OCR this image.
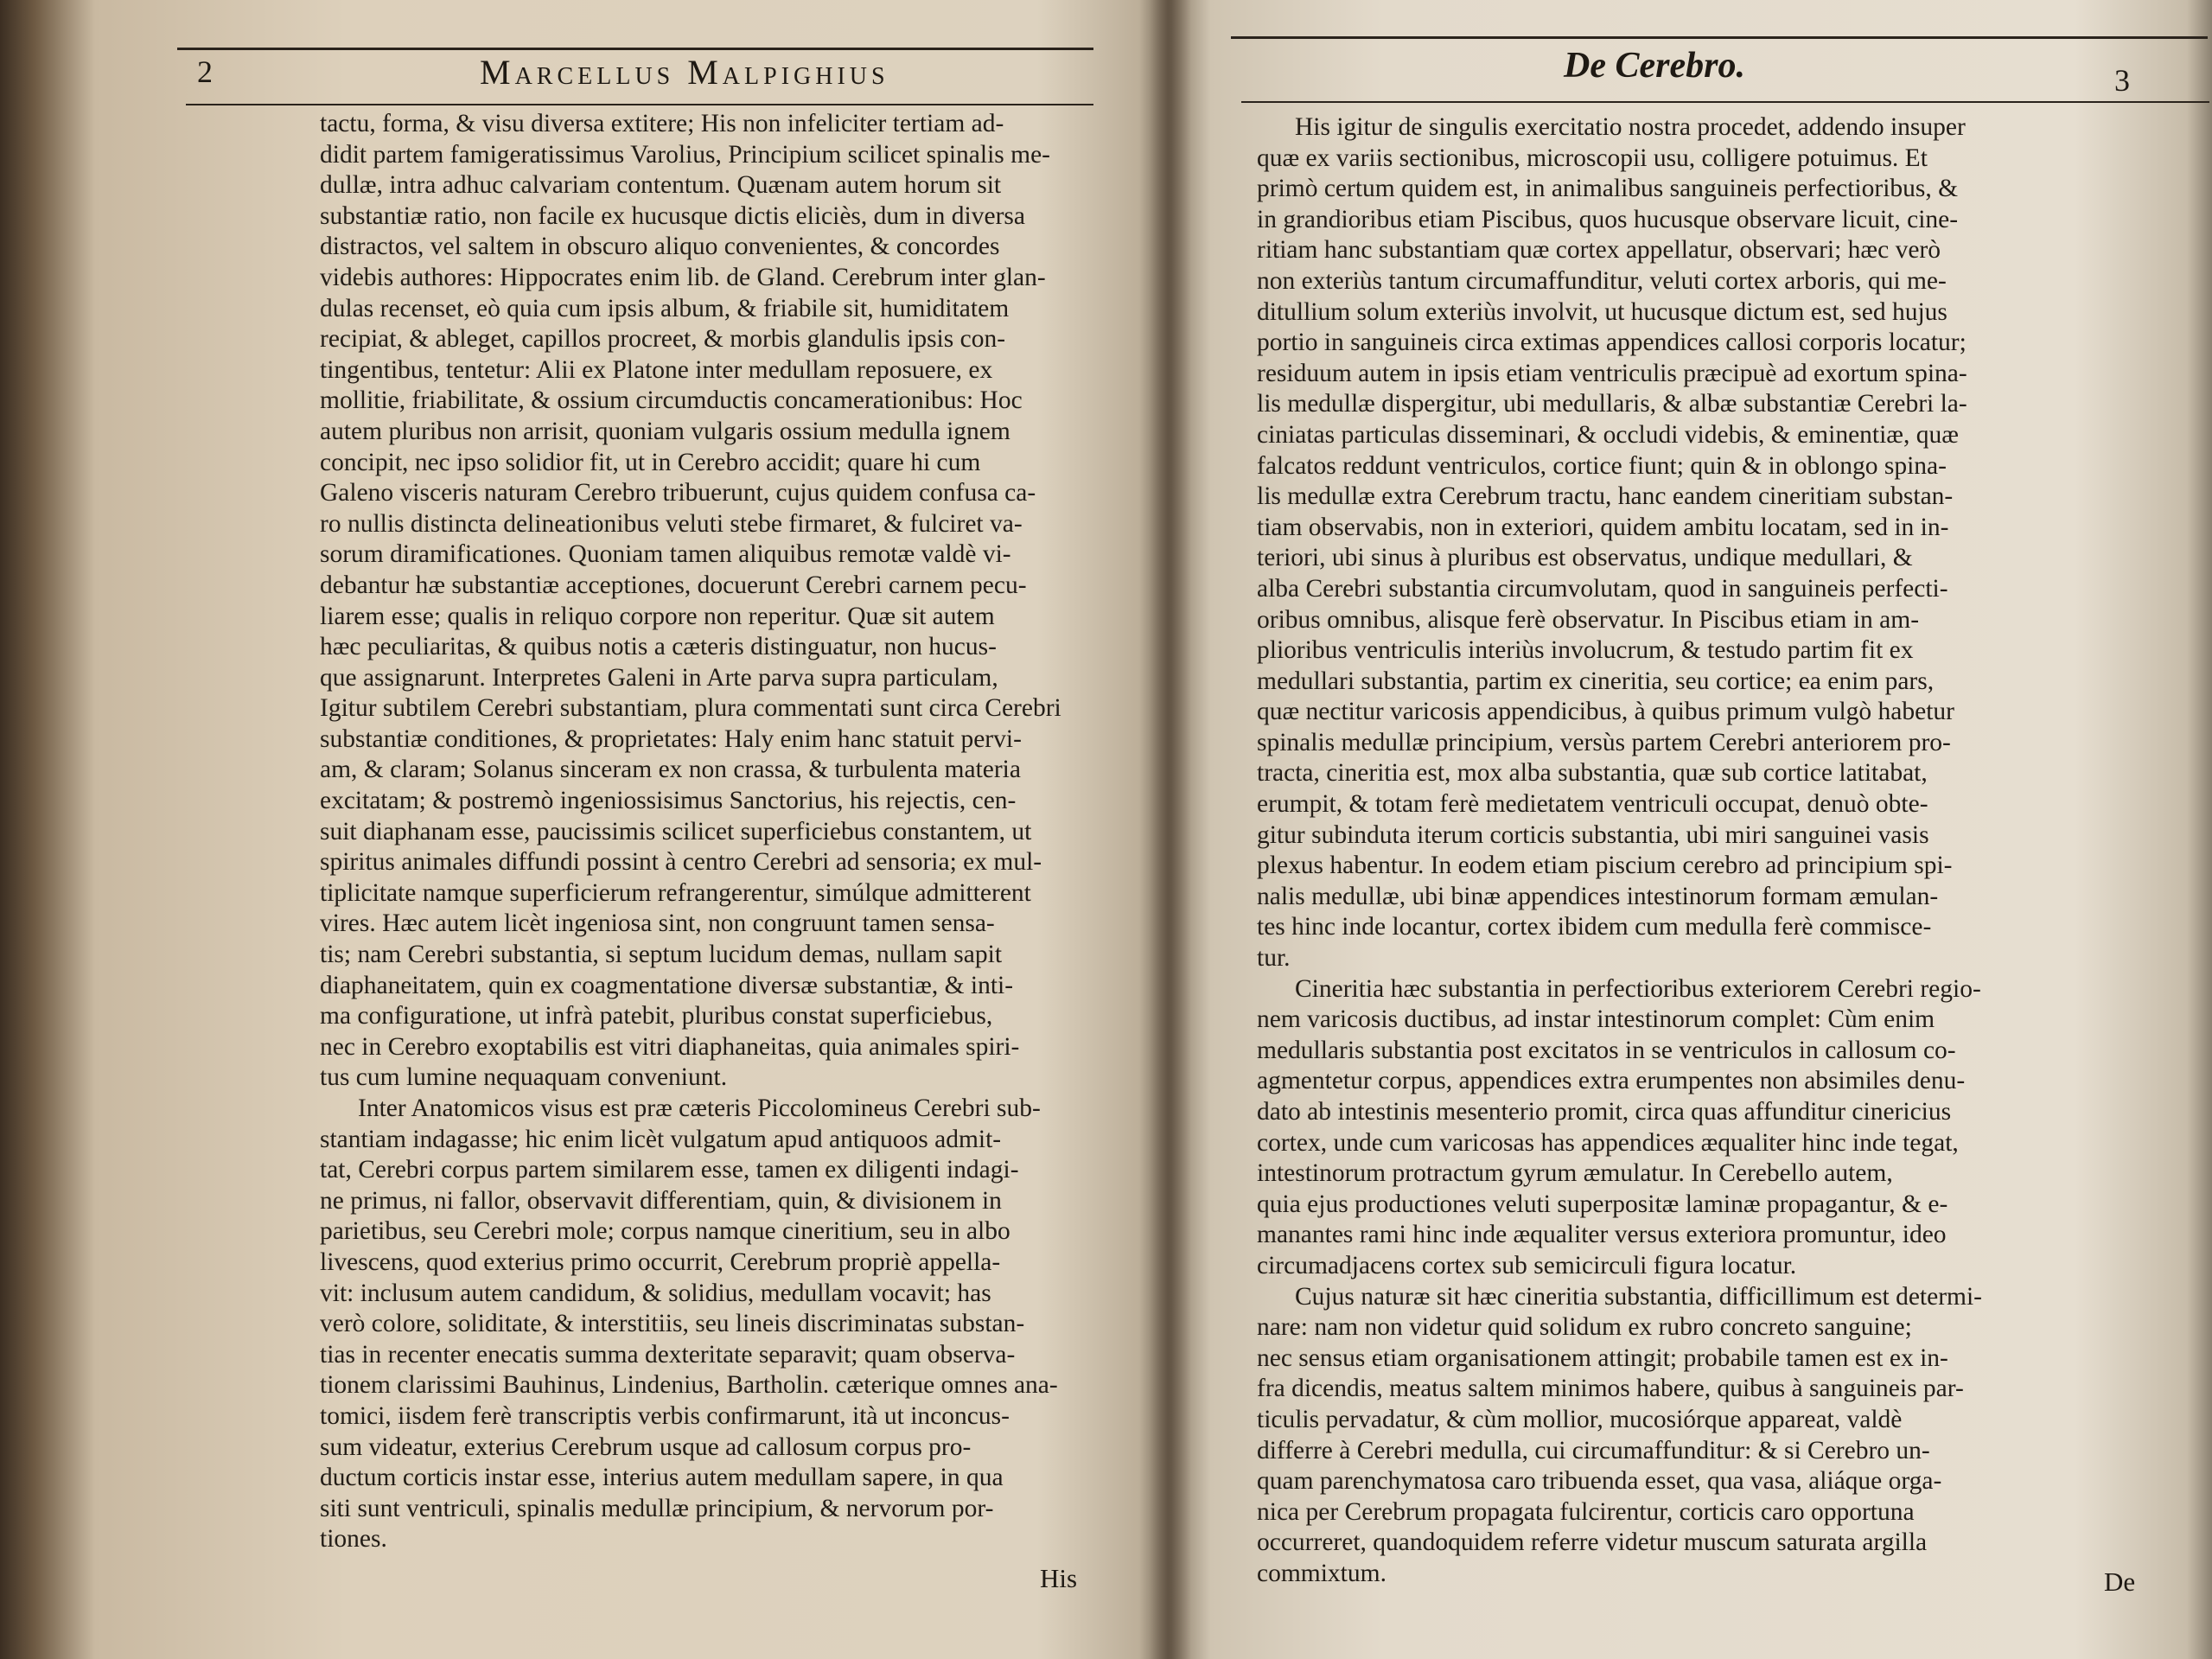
2	Marcellus Malpighius
tactu, forma, & visu diversa extitere; His non infeliciter tertiam ad-
didit partem famigeratissimus Varolius, Principium scilicet spinalis me-
dullæ, intra adhuc calvariam contentum. Quænam autem horum sit
substantiæ ratio, non facile ex hucusque dictis eliciès, dum in diversa
distractos, vel saltem in obscuro aliquo convenientes, & concordes
videbis authores: Hippocrates enim lib. de Gland. Cerebrum inter glan-
dulas recenset, eò quia cum ipsis album, & friabile sit, humiditatem
recipiat, & ableget, capillos procreet, & morbis glandulis ipsis con-
tingentibus, tentetur: Alii ex Platone inter medullam reposuere, ex
mollitie, friabilitate, & ossium circumductis concamerationibus: Hoc
autem pluribus non arrisit, quoniam vulgaris ossium medulla ignem
concipit, nec ipso solidior fit, ut in Cerebro accidit; quare hi cum
Galeno visceris naturam Cerebro tribuerunt, cujus quidem confusa ca-
ro nullis distincta delineationibus veluti stebe firmaret, & fulciret va-
sorum diramificationes. Quoniam tamen aliquibus remotæ valdè vi-
debantur hæ substantiæ acceptiones, docuerunt Cerebri carnem pecu-
liarem esse; qualis in reliquo corpore non reperitur. Quæ sit autem
hæc peculiaritas, & quibus notis a cæteris distinguatur, non hucus-
que assignarunt. Interpretes Galeni in Arte parva supra particulam,
Igitur subtilem Cerebri substantiam, plura commentati sunt circa Cerebri
substantiæ conditiones, & proprietates: Haly enim hanc statuit pervi-
am, & claram; Solanus sinceram ex non crassa, & turbulenta materia
excitatam; & postremò ingeniossisimus Sanctorius, his rejectis, cen-
suit diaphanam esse, paucissimis scilicet superficiebus constantem, ut
spiritus animales diffundi possint à centro Cerebri ad sensoria; ex mul-
tiplicitate namque superficierum refrangerentur, simúlque admitterent
vires. Hæc autem licèt ingeniosa sint, non congruunt tamen sensa-
tis; nam Cerebri substantia, si septum lucidum demas, nullam sapit
diaphaneitatem, quin ex coagmentatione diversæ substantiæ, & inti-
ma configuratione, ut infrà patebit, pluribus constat superficiebus,
nec in Cerebro exoptabilis est vitri diaphaneitas, quia animales spiri-
tus cum lumine nequaquam conveniunt.
Inter Anatomicos visus est præ cæteris Piccolomineus Cerebri sub-
stantiam indagasse; hic enim licèt vulgatum apud antiquoos admit-
tat, Cerebri corpus partem similarem esse, tamen ex diligenti indagi-
ne primus, ni fallor, observavit differentiam, quin, & divisionem in
parietibus, seu Cerebri mole; corpus namque cineritium, seu in albo
livescens, quod exterius primo occurrit, Cerebrum propriè appella-
vit: inclusum autem candidum, & solidius, medullam vocavit; has
verò colore, soliditate, & interstitiis, seu lineis discriminatas substan-
tias in recenter enecatis summa dexteritate separavit; quam observa-
tionem clarissimi Bauhinus, Lindenius, Bartholin. cæterique omnes ana-
tomici, iisdem ferè transcriptis verbis confirmarunt, ità ut inconcus-
sum videatur, exterius Cerebrum usque ad callosum corpus pro-
ductum corticis instar esse, interius autem medullam sapere, in qua
siti sunt ventriculi, spinalis medullæ principium, & nervorum por-
tiones.
His
De Cerebro.	3
His igitur de singulis exercitatio nostra procedet, addendo insuper
quæ ex variis sectionibus, microscopii usu, colligere potuimus. Et
primò certum quidem est, in animalibus sanguineis perfectioribus, &
in grandioribus etiam Piscibus, quos hucusque observare licuit, cine-
ritiam hanc substantiam quæ cortex appellatur, observari; hæc verò
non exteriùs tantum circumaffunditur, veluti cortex arboris, qui me-
ditullium solum exteriùs involvit, ut hucusque dictum est, sed hujus
portio in sanguineis circa extimas appendices callosi corporis locatur;
residuum autem in ipsis etiam ventriculis præcipuè ad exortum spina-
lis medullæ dispergitur, ubi medullaris, & albæ substantiæ Cerebri la-
ciniatas particulas disseminari, & occludi videbis, & eminentiæ, quæ
falcatos reddunt ventriculos, cortice fiunt; quin & in oblongo spina-
lis medullæ extra Cerebrum tractu, hanc eandem cineritiam substan-
tiam observabis, non in exteriori, quidem ambitu locatam, sed in in-
teriori, ubi sinus à pluribus est observatus, undique medullari, &
alba Cerebri substantia circumvolutam, quod in sanguineis perfecti-
oribus omnibus, alisque ferè observatur. In Piscibus etiam in am-
plioribus ventriculis interiùs involucrum, & testudo partim fit ex
medullari substantia, partim ex cineritia, seu cortice; ea enim pars,
quæ nectitur varicosis appendicibus, à quibus primum vulgò habetur
spinalis medullæ principium, versùs partem Cerebri anteriorem pro-
tracta, cineritia est, mox alba substantia, quæ sub cortice latitabat,
erumpit, & totam ferè medietatem ventriculi occupat, denuò obte-
gitur subinduta iterum corticis substantia, ubi miri sanguinei vasis
plexus habentur. In eodem etiam piscium cerebro ad principium spi-
nalis medullæ, ubi binæ appendices intestinorum formam æmulan-
tes hinc inde locantur, cortex ibidem cum medulla ferè commisce-
tur.
Cineritia hæc substantia in perfectioribus exteriorem Cerebri regio-
nem varicosis ductibus, ad instar intestinorum complet: Cùm enim
medullaris substantia post excitatos in se ventriculos in callosum co-
agmentetur corpus, appendices extra erumpentes non absimiles denu-
dato ab intestinis mesenterio promit, circa quas affunditur cinericius
cortex, unde cum varicosas has appendices æqualiter hinc inde tegat,
intestinorum protractum gyrum æmulatur. In Cerebello autem,
quia ejus productiones veluti superpositæ laminæ propagantur, & e-
manantes rami hinc inde æqualiter versus exteriora promuntur, ideo
circumadjacens cortex sub semicirculi figura locatur.
Cujus naturæ sit hæc cineritia substantia, difficillimum est determi-
nare: nam non videtur quid solidum ex rubro concreto sanguine;
nec sensus etiam organisationem attingit; probabile tamen est ex in-
fra dicendis, meatus saltem minimos habere, quibus à sanguineis par-
ticulis pervadatur, & cùm mollior, mucosiórque appareat, valdè
differre à Cerebri medulla, cui circumaffunditur: & si Cerebro un-
quam parenchymatosa caro tribuenda esset, qua vasa, aliáque orga-
nica per Cerebrum propagata fulcirentur, corticis caro opportuna
occurreret, quandoquidem referre videtur muscum saturata argilla
commixtum.	De
